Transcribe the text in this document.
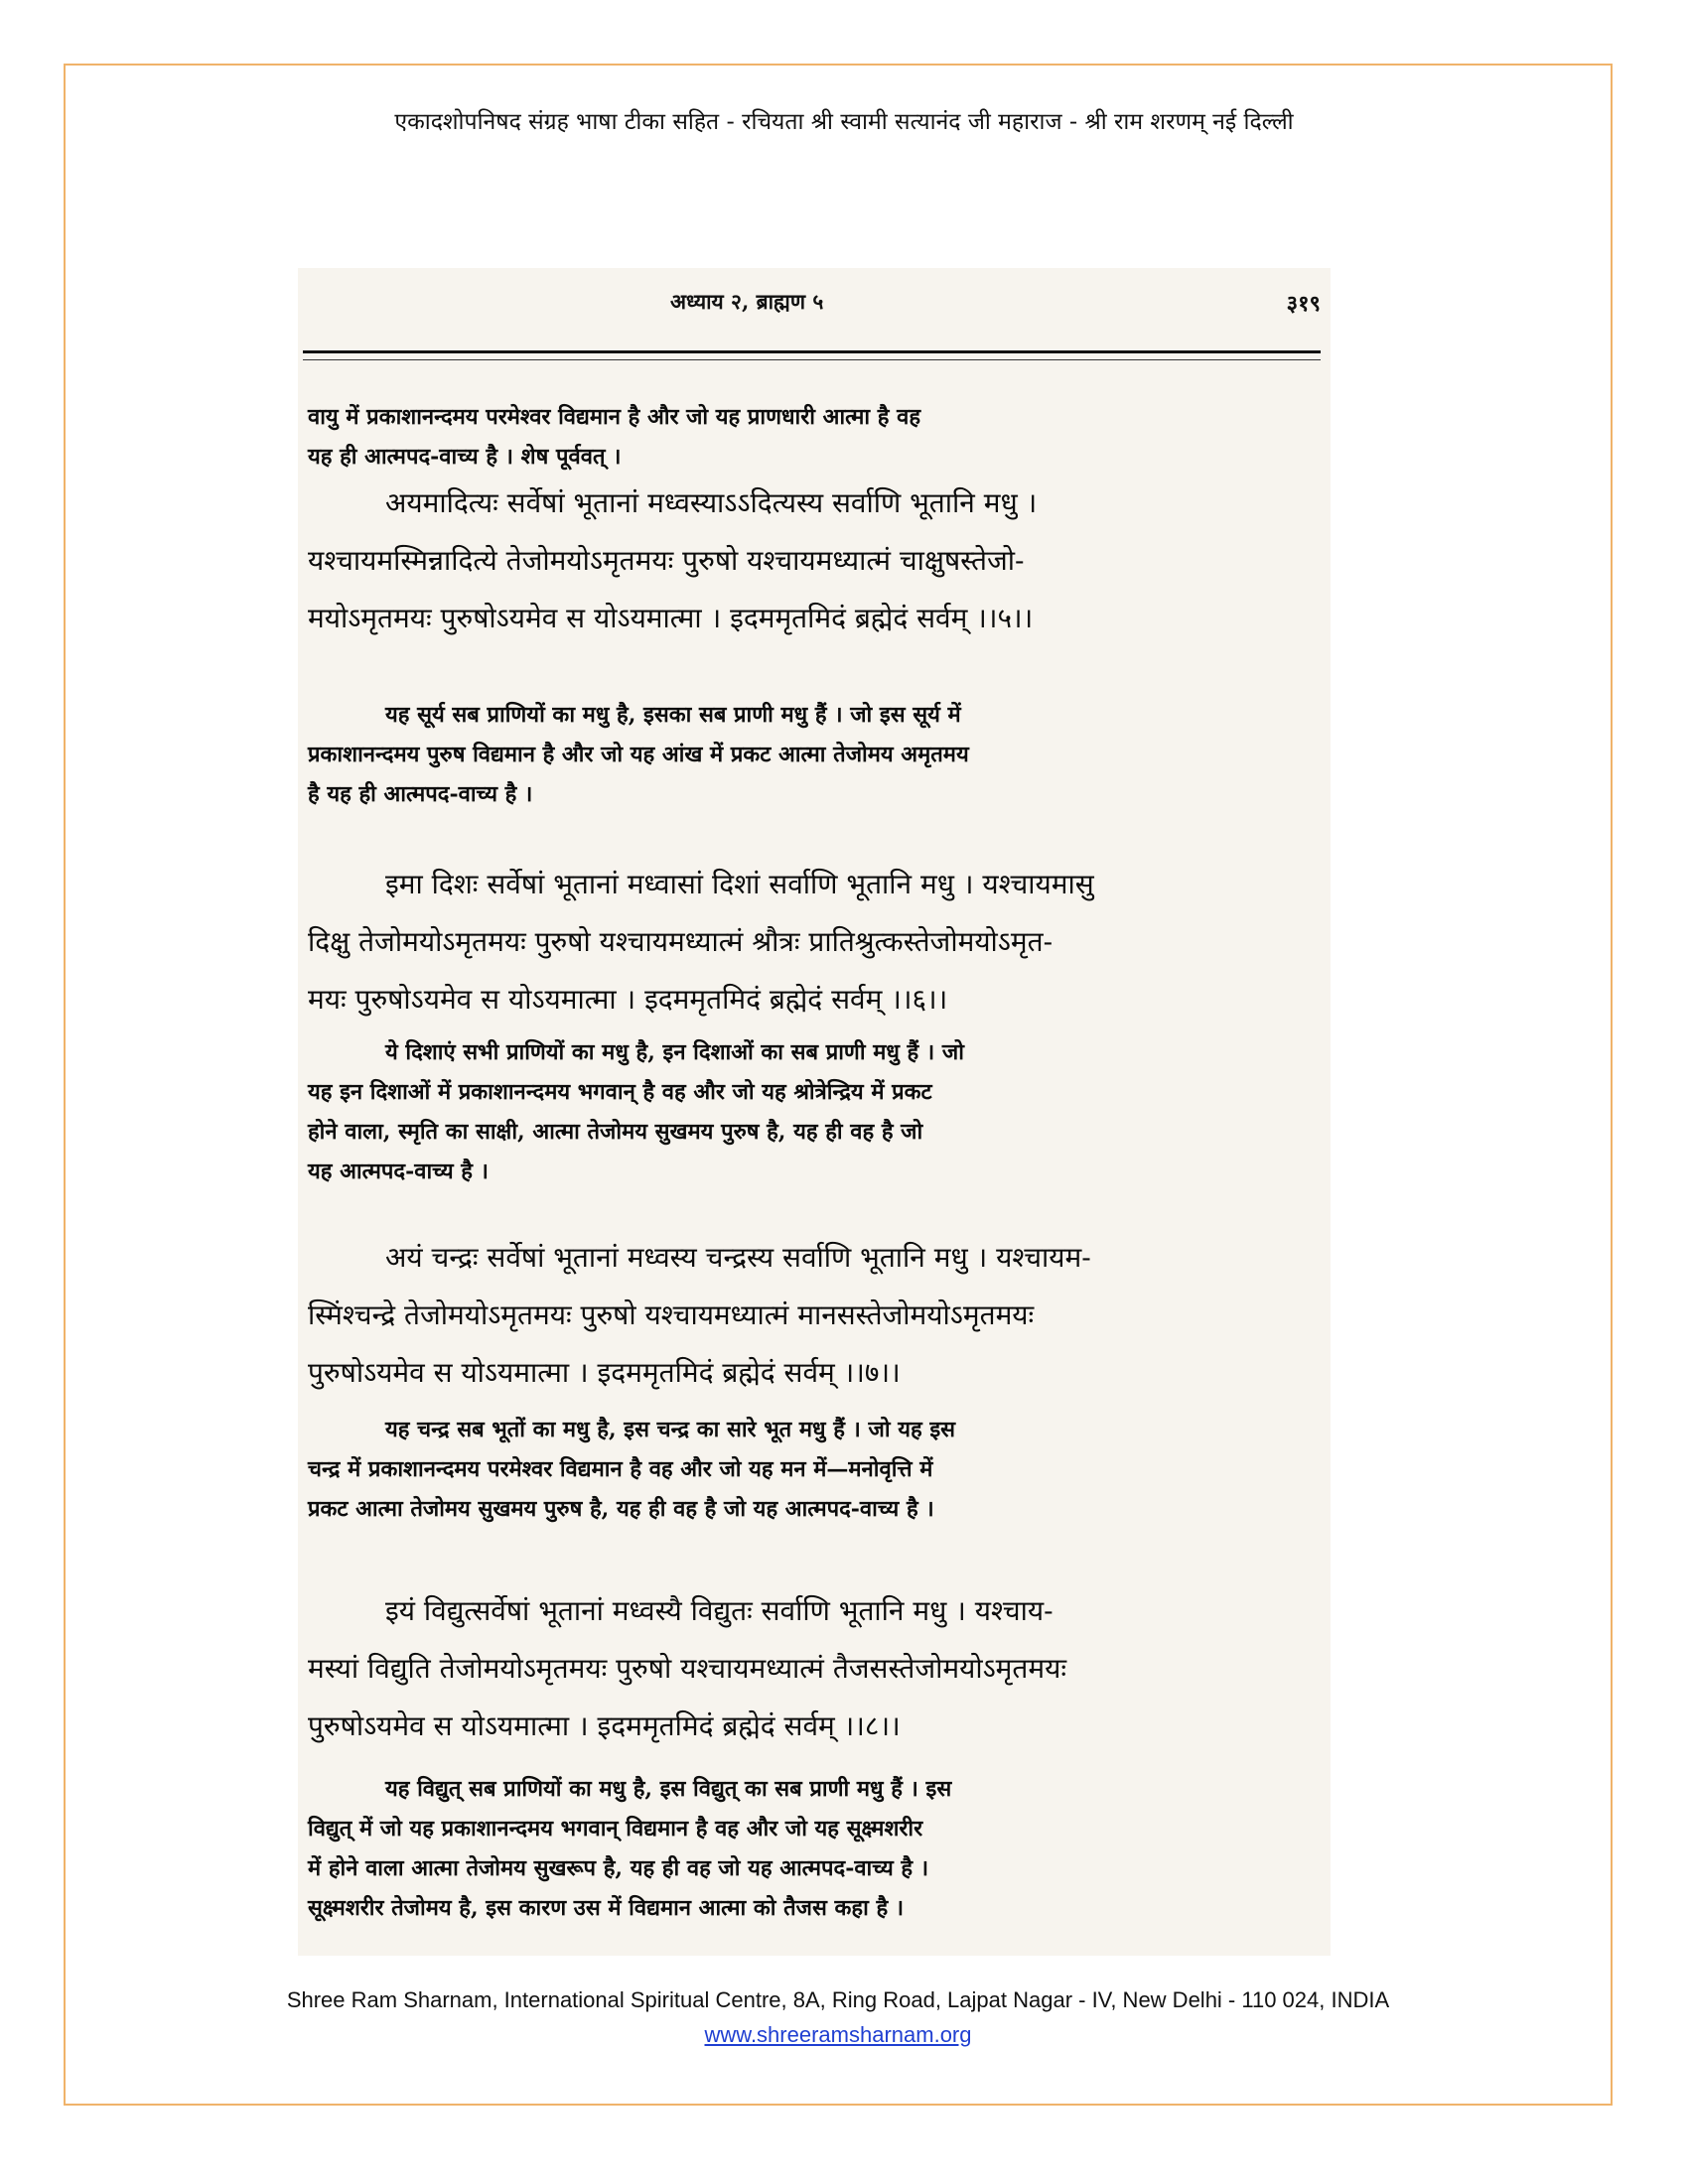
एकादशोपनिषद संग्रह भाषा टीका सहित - रचियता श्री स्वामी सत्यानंद जी महाराज - श्री राम शरणम् नई दिल्ली
अध्याय २, ब्राह्मण ५	३१९
वायु में प्रकाशानन्दमय परमेश्वर विद्यमान है और जो यह प्राणधारी आत्मा है वह
यह ही आत्मपद-वाच्य है । शेष पूर्ववत् ।
अयमादित्यः सर्वेषां भूतानां मध्वस्याऽऽदित्यस्य सर्वाणि भूतानि मधु ।
यश्चायमस्मिन्नादित्ये तेजोमयोऽमृतमयः पुरुषो यश्चायमध्यात्मं चाक्षुषस्तेजो-
मयोऽमृतमयः पुरुषोऽयमेव स योऽयमात्मा । इदममृतमिदं ब्रह्मेदं सर्वम् ।।५।।
यह सूर्य सब प्राणियों का मधु है, इसका सब प्राणी मधु हैं । जो इस सूर्य में
प्रकाशानन्दमय पुरुष विद्यमान है और जो यह आंख में प्रकट आत्मा तेजोमय अमृतमय
है यह ही आत्मपद-वाच्य है ।
इमा दिशः सर्वेषां भूतानां मध्वासां दिशां सर्वाणि भूतानि मधु । यश्चायमासु
दिक्षु तेजोमयोऽमृतमयः पुरुषो यश्चायमध्यात्मं श्रौत्रः प्रातिश्रुत्कस्तेजोमयोऽमृत-
मयः पुरुषोऽयमेव स योऽयमात्मा । इदममृतमिदं ब्रह्मेदं सर्वम् ।।६।।
ये दिशाएं सभी प्राणियों का मधु है, इन दिशाओं का सब प्राणी मधु हैं । जो
यह इन दिशाओं में प्रकाशानन्दमय भगवान् है वह और जो यह श्रोत्रेन्द्रिय में प्रकट
होने वाला, स्मृति का साक्षी, आत्मा तेजोमय सुखमय पुरुष है, यह ही वह है जो
यह आत्मपद-वाच्य है ।
अयं चन्द्रः सर्वेषां भूतानां मध्वस्य चन्द्रस्य सर्वाणि भूतानि मधु । यश्चायम-
स्मिंश्चन्द्रे तेजोमयोऽमृतमयः पुरुषो यश्चायमध्यात्मं मानसस्तेजोमयोऽमृतमयः
पुरुषोऽयमेव स योऽयमात्मा । इदममृतमिदं ब्रह्मेदं सर्वम् ।।७।।
यह चन्द्र सब भूतों का मधु है, इस चन्द्र का सारे भूत मधु हैं । जो यह इस
चन्द्र में प्रकाशानन्दमय परमेश्वर विद्यमान है वह और जो यह मन में—मनोवृत्ति में
प्रकट आत्मा तेजोमय सुखमय पुरुष है, यह ही वह है जो यह आत्मपद-वाच्य है ।
इयं विद्युत्सर्वेषां भूतानां मध्वस्यै विद्युतः सर्वाणि भूतानि मधु । यश्चाय-
मस्यां विद्युति तेजोमयोऽमृतमयः पुरुषो यश्चायमध्यात्मं तैजसस्तेजोमयोऽमृतमयः
पुरुषोऽयमेव स योऽयमात्मा । इदममृतमिदं ब्रह्मेदं सर्वम् ।।८।।
यह विद्युत् सब प्राणियों का मधु है, इस विद्युत् का सब प्राणी मधु हैं । इस
विद्युत् में जो यह प्रकाशानन्दमय भगवान् विद्यमान है वह और जो यह सूक्ष्मशरीर
में होने वाला आत्मा तेजोमय सुखरूप है, यह ही वह जो यह आत्मपद-वाच्य है ।
सूक्ष्मशरीर तेजोमय है, इस कारण उस में विद्यमान आत्मा को तैजस कहा है ।
Shree Ram Sharnam, International Spiritual Centre, 8A, Ring Road, Lajpat Nagar - IV, New Delhi - 110 024, INDIA
www.shreeramsharnam.org
